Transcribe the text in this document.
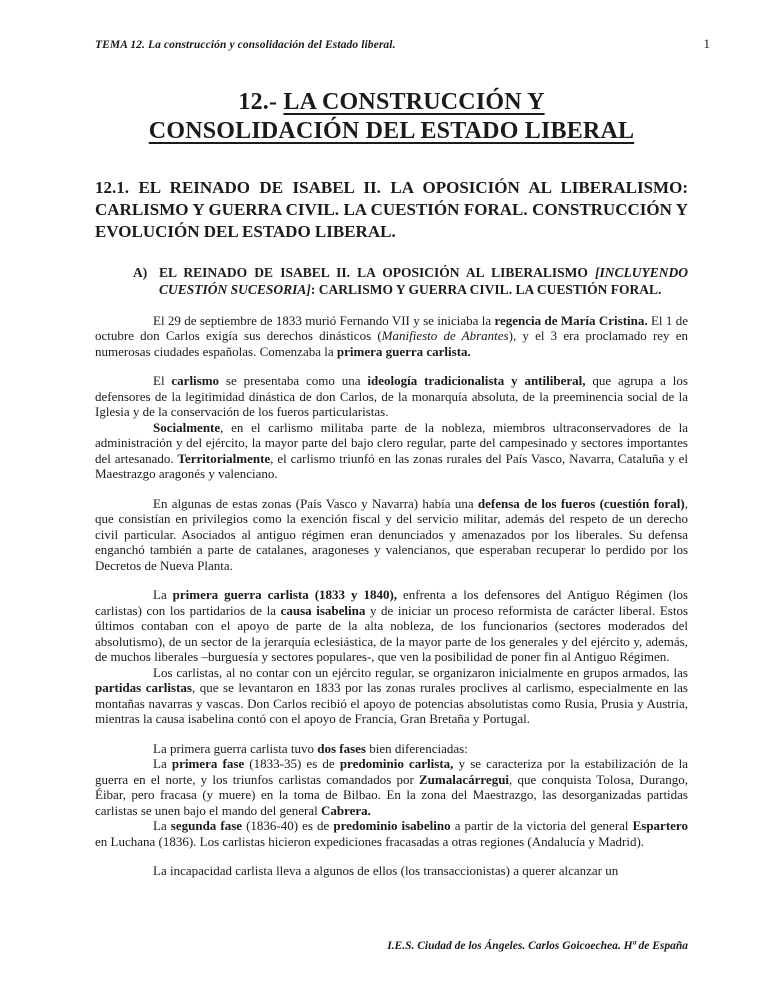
TEMA 12. La construcción y consolidación del Estado liberal.	1
12.- LA CONSTRUCCIÓN Y
CONSOLIDACIÓN DEL ESTADO LIBERAL
12.1. EL REINADO DE ISABEL II. LA OPOSICIÓN AL LIBERALISMO: CARLISMO Y GUERRA CIVIL. LA CUESTIÓN FORAL. CONSTRUCCIÓN Y EVOLUCIÓN DEL ESTADO LIBERAL.
A) EL REINADO DE ISABEL II. LA OPOSICIÓN AL LIBERALISMO [INCLUYENDO CUESTIÓN SUCESORIA]: CARLISMO Y GUERRA CIVIL. LA CUESTIÓN FORAL.

El 29 de septiembre de 1833 murió Fernando VII y se iniciaba la regencia de María Cristina. El 1 de octubre don Carlos exigía sus derechos dinásticos (Manifiesto de Abrantes), y el 3 era proclamado rey en numerosas ciudades españolas. Comenzaba la primera guerra carlista.

El carlismo se presentaba como una ideología tradicionalista y antiliberal, que agrupa a los defensores de la legitimidad dinástica de don Carlos, de la monarquía absoluta, de la preeminencia social de la Iglesia y de la conservación de los fueros particularistas.

Socialmente, en el carlismo militaba parte de la nobleza, miembros ultraconservadores de la administración y del ejército, la mayor parte del bajo clero regular, parte del campesinado y sectores importantes del artesanado. Territorialmente, el carlismo triunfó en las zonas rurales del País Vasco, Navarra, Cataluña y el Maestrazgo aragonés y valenciano.

En algunas de estas zonas (País Vasco y Navarra) había una defensa de los fueros (cuestión foral), que consistían en privilegios como la exención fiscal y del servicio militar, además del respeto de un derecho civil particular. Asociados al antiguo régimen eran denunciados y amenazados por los liberales. Su defensa enganchó también a parte de catalanes, aragoneses y valencianos, que esperaban recuperar lo perdido por los Decretos de Nueva Planta.

La primera guerra carlista (1833 y 1840), enfrenta a los defensores del Antiguo Régimen (los carlistas) con los partidarios de la causa isabelina y de iniciar un proceso reformista de carácter liberal. Estos últimos contaban con el apoyo de parte de la alta nobleza, de los funcionarios (sectores moderados del absolutismo), de un sector de la jerarquía eclesiástica, de la mayor parte de los generales y del ejército y, además, de muchos liberales –burguesía y sectores populares-, que ven la posibilidad de poner fin al Antiguo Régimen.

Los carlistas, al no contar con un ejército regular, se organizaron inicialmente en grupos armados, las partidas carlistas, que se levantaron en 1833 por las zonas rurales proclives al carlismo, especialmente en las montañas navarras y vascas. Don Carlos recibió el apoyo de potencias absolutistas como Rusia, Prusia y Austria, mientras la causa isabelina contó con el apoyo de Francia, Gran Bretaña y Portugal.

La primera guerra carlista tuvo dos fases bien diferenciadas:

La primera fase (1833-35) es de predominio carlista, y se caracteriza por la estabilización de la guerra en el norte, y los triunfos carlistas comandados por Zumalacárregui, que conquista Tolosa, Durango, Éibar, pero fracasa (y muere) en la toma de Bilbao. En la zona del Maestrazgo, las desorganizadas partidas carlistas se unen bajo el mando del general Cabrera.

La segunda fase (1836-40) es de predominio isabelino a partir de la victoria del general Espartero en Luchana (1836). Los carlistas hicieron expediciones fracasadas a otras regiones (Andalucía y Madrid).

La incapacidad carlista lleva a algunos de ellos (los transaccionistas) a querer alcanzar un

I.E.S. Ciudad de los Ángeles. Carlos Goicoechea. Hª de España
